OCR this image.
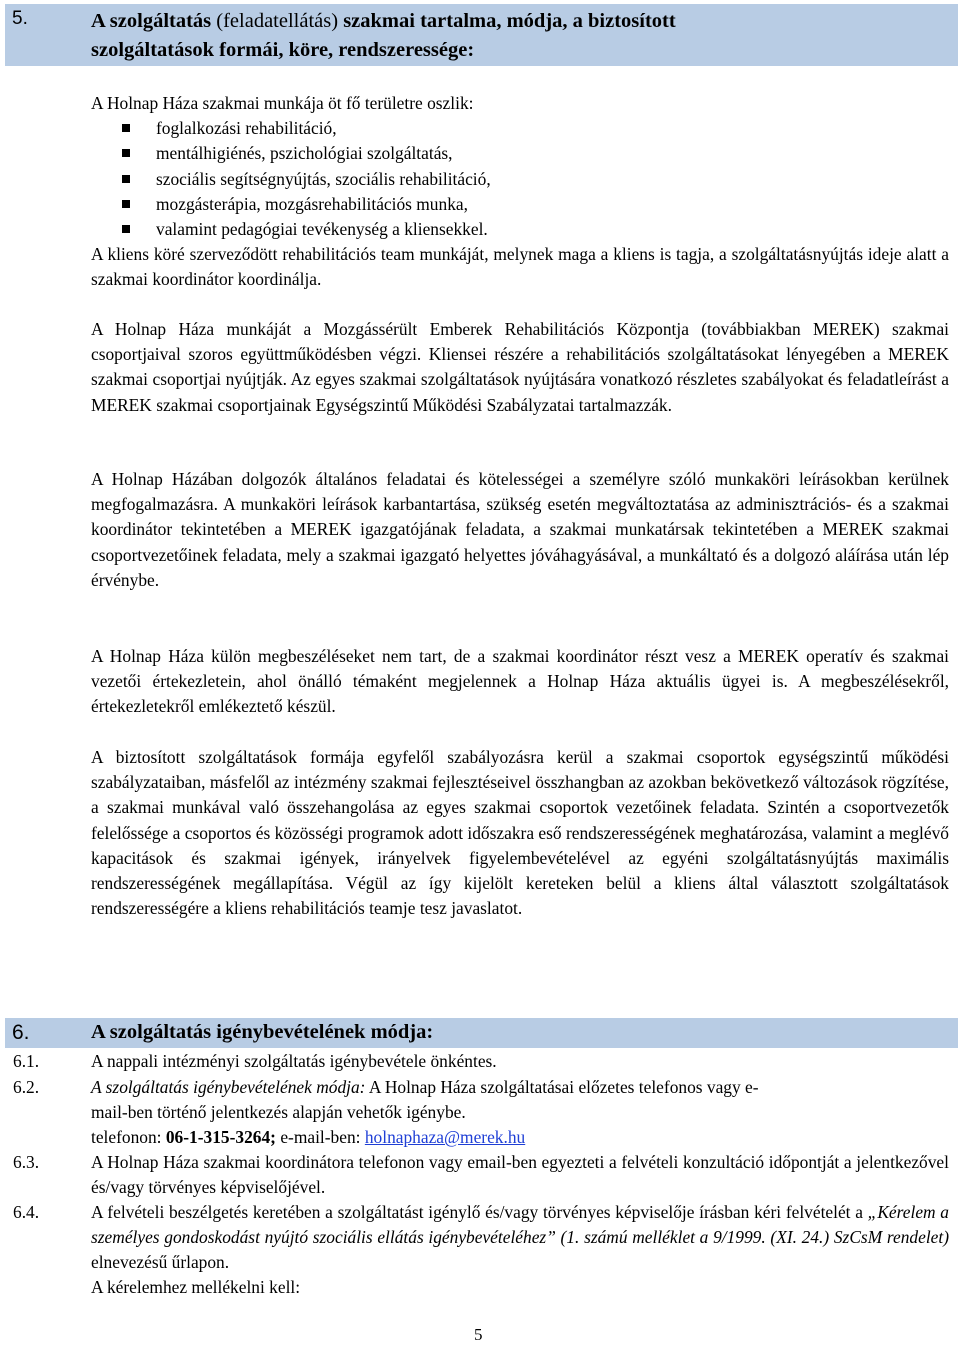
5.	A szolgáltatás (feladatellátás) szakmai tartalma, módja, a biztosított
szolgáltatások formái, köre, rendszeressége:

A Holnap Háza szakmai munkája öt fő területre oszlik:

foglalkozási rehabilitáció,
mentálhigiénés, pszichológiai szolgáltatás,
szociális segítségnyújtás, szociális rehabilitáció,
mozgásterápia, mozgásrehabilitációs munka,
valamint pedagógiai tevékenység a kliensekkel.

A kliens köré szerveződött rehabilitációs team munkáját, melynek maga a kliens is tagja, a szolgáltatásnyújtás ideje alatt a szakmai koordinátor koordinálja.

A Holnap Háza munkáját a Mozgássérült Emberek Rehabilitációs Központja (továbbiakban MEREK) szakmai csoportjaival szoros együttműködésben végzi. Kliensei részére a rehabilitációs szolgáltatásokat lényegében a MEREK szakmai csoportjai nyújtják. Az egyes szakmai szolgáltatások nyújtására vonatkozó részletes szabályokat és feladatleírást a MEREK szakmai csoportjainak Egységszintű Működési Szabályzatai tartalmazzák.

A Holnap Házában dolgozók általános feladatai és kötelességei a személyre szóló munkaköri leírásokban kerülnek megfogalmazásra. A munkaköri leírások karbantartása, szükség esetén megváltoztatása az adminisztrációs- és a szakmai koordinátor tekintetében a MEREK igazgatójának feladata, a szakmai munkatársak tekintetében a MEREK szakmai csoportvezetőinek feladata, mely a szakmai igazgató helyettes jóváhagyásával, a munkáltató és a dolgozó aláírása után lép érvénybe.

A Holnap Háza külön megbeszéléseket nem tart, de a szakmai koordinátor részt vesz a MEREK operatív és szakmai vezetői értekezletein, ahol önálló témaként megjelennek a Holnap Háza aktuális ügyei is. A megbeszélésekről, értekezletekről emlékeztető készül.

A biztosított szolgáltatások formája egyfelől szabályozásra kerül a szakmai csoportok egységszintű működési szabályzataiban, másfelől az intézmény szakmai fejlesztéseivel összhangban az azokban bekövetkező változások rögzítése, a szakmai munkával való összehangolása az egyes szakmai csoportok vezetőinek feladata. Szintén a csoportvezetők felelőssége a csoportos és közösségi programok adott időszakra eső rendszerességének meghatározása, valamint a meglévő kapacitások és szakmai igények, irányelvek figyelembevételével az egyéni szolgáltatásnyújtás maximális rendszerességének megállapítása. Végül az így kijelölt kereteken belül a kliens által választott szolgáltatások rendszerességére a kliens rehabilitációs teamje tesz javaslatot.

6.	A szolgáltatás igénybevételének módja:
6.1.	A nappali intézményi szolgáltatás igénybevétele önkéntes.

6.2.	A szolgáltatás igénybevételének módja: A Holnap Háza szolgáltatásai előzetes telefonos vagy e-
mail-ben történő jelentkezés alapján vehetők igénybe.
telefonon: 06-1-315-3264; e-mail-ben: holnaphaza@merek.hu
6.3.	A Holnap Háza szakmai koordinátora telefonon vagy email-ben egyezteti a felvételi konzultáció időpontját a jelentkezővel és/vagy törvényes képviselőjével.

6.4.	A felvételi beszélgetés keretében a szolgáltatást igénylő és/vagy törvényes képviselője írásban kéri felvételét a „Kérelem a személyes gondoskodást nyújtó szociális ellátás igénybevételéhez” (1. számú melléklet a 9/1999. (XI. 24.) SzCsM rendelet) elnevezésű űrlapon.
A kérelemhez mellékelni kell:
5
